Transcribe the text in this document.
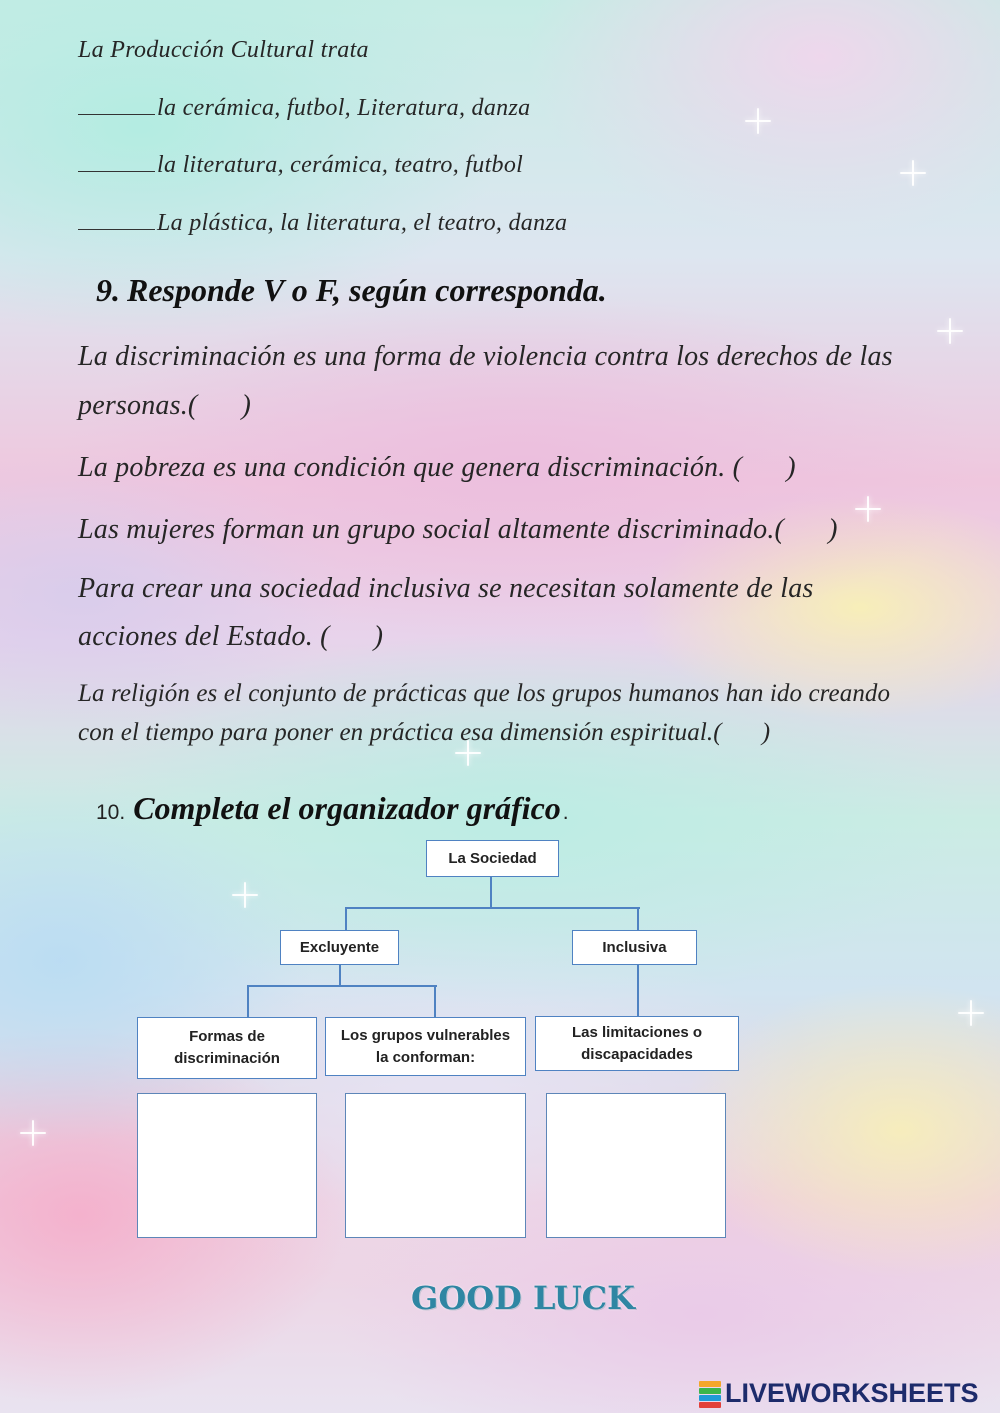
La Producción Cultural trata
la cerámica, futbol, Literatura, danza
la literatura, cerámica, teatro, futbol
La plástica, la literatura, el teatro, danza
9. Responde V o F, según corresponda.
La discriminación es una forma de violencia contra los derechos de las
personas.( )
La pobreza es una condición que genera discriminación. ( )
Las mujeres forman un grupo social altamente discriminado.( )
Para crear una sociedad inclusiva se necesitan solamente de las
acciones del Estado. ( )
La religión es el conjunto de prácticas que los grupos humanos han ido creando
con el tiempo para poner en práctica esa dimensión espiritual.( )
10. Completa el organizador gráfico.
La Sociedad
Excluyente	Inclusiva
Formas de
discriminación
Los grupos vulnerables
la conforman:
Las limitaciones o
discapacidades
GOOD LUCK
LIVEWORKSHEETS
